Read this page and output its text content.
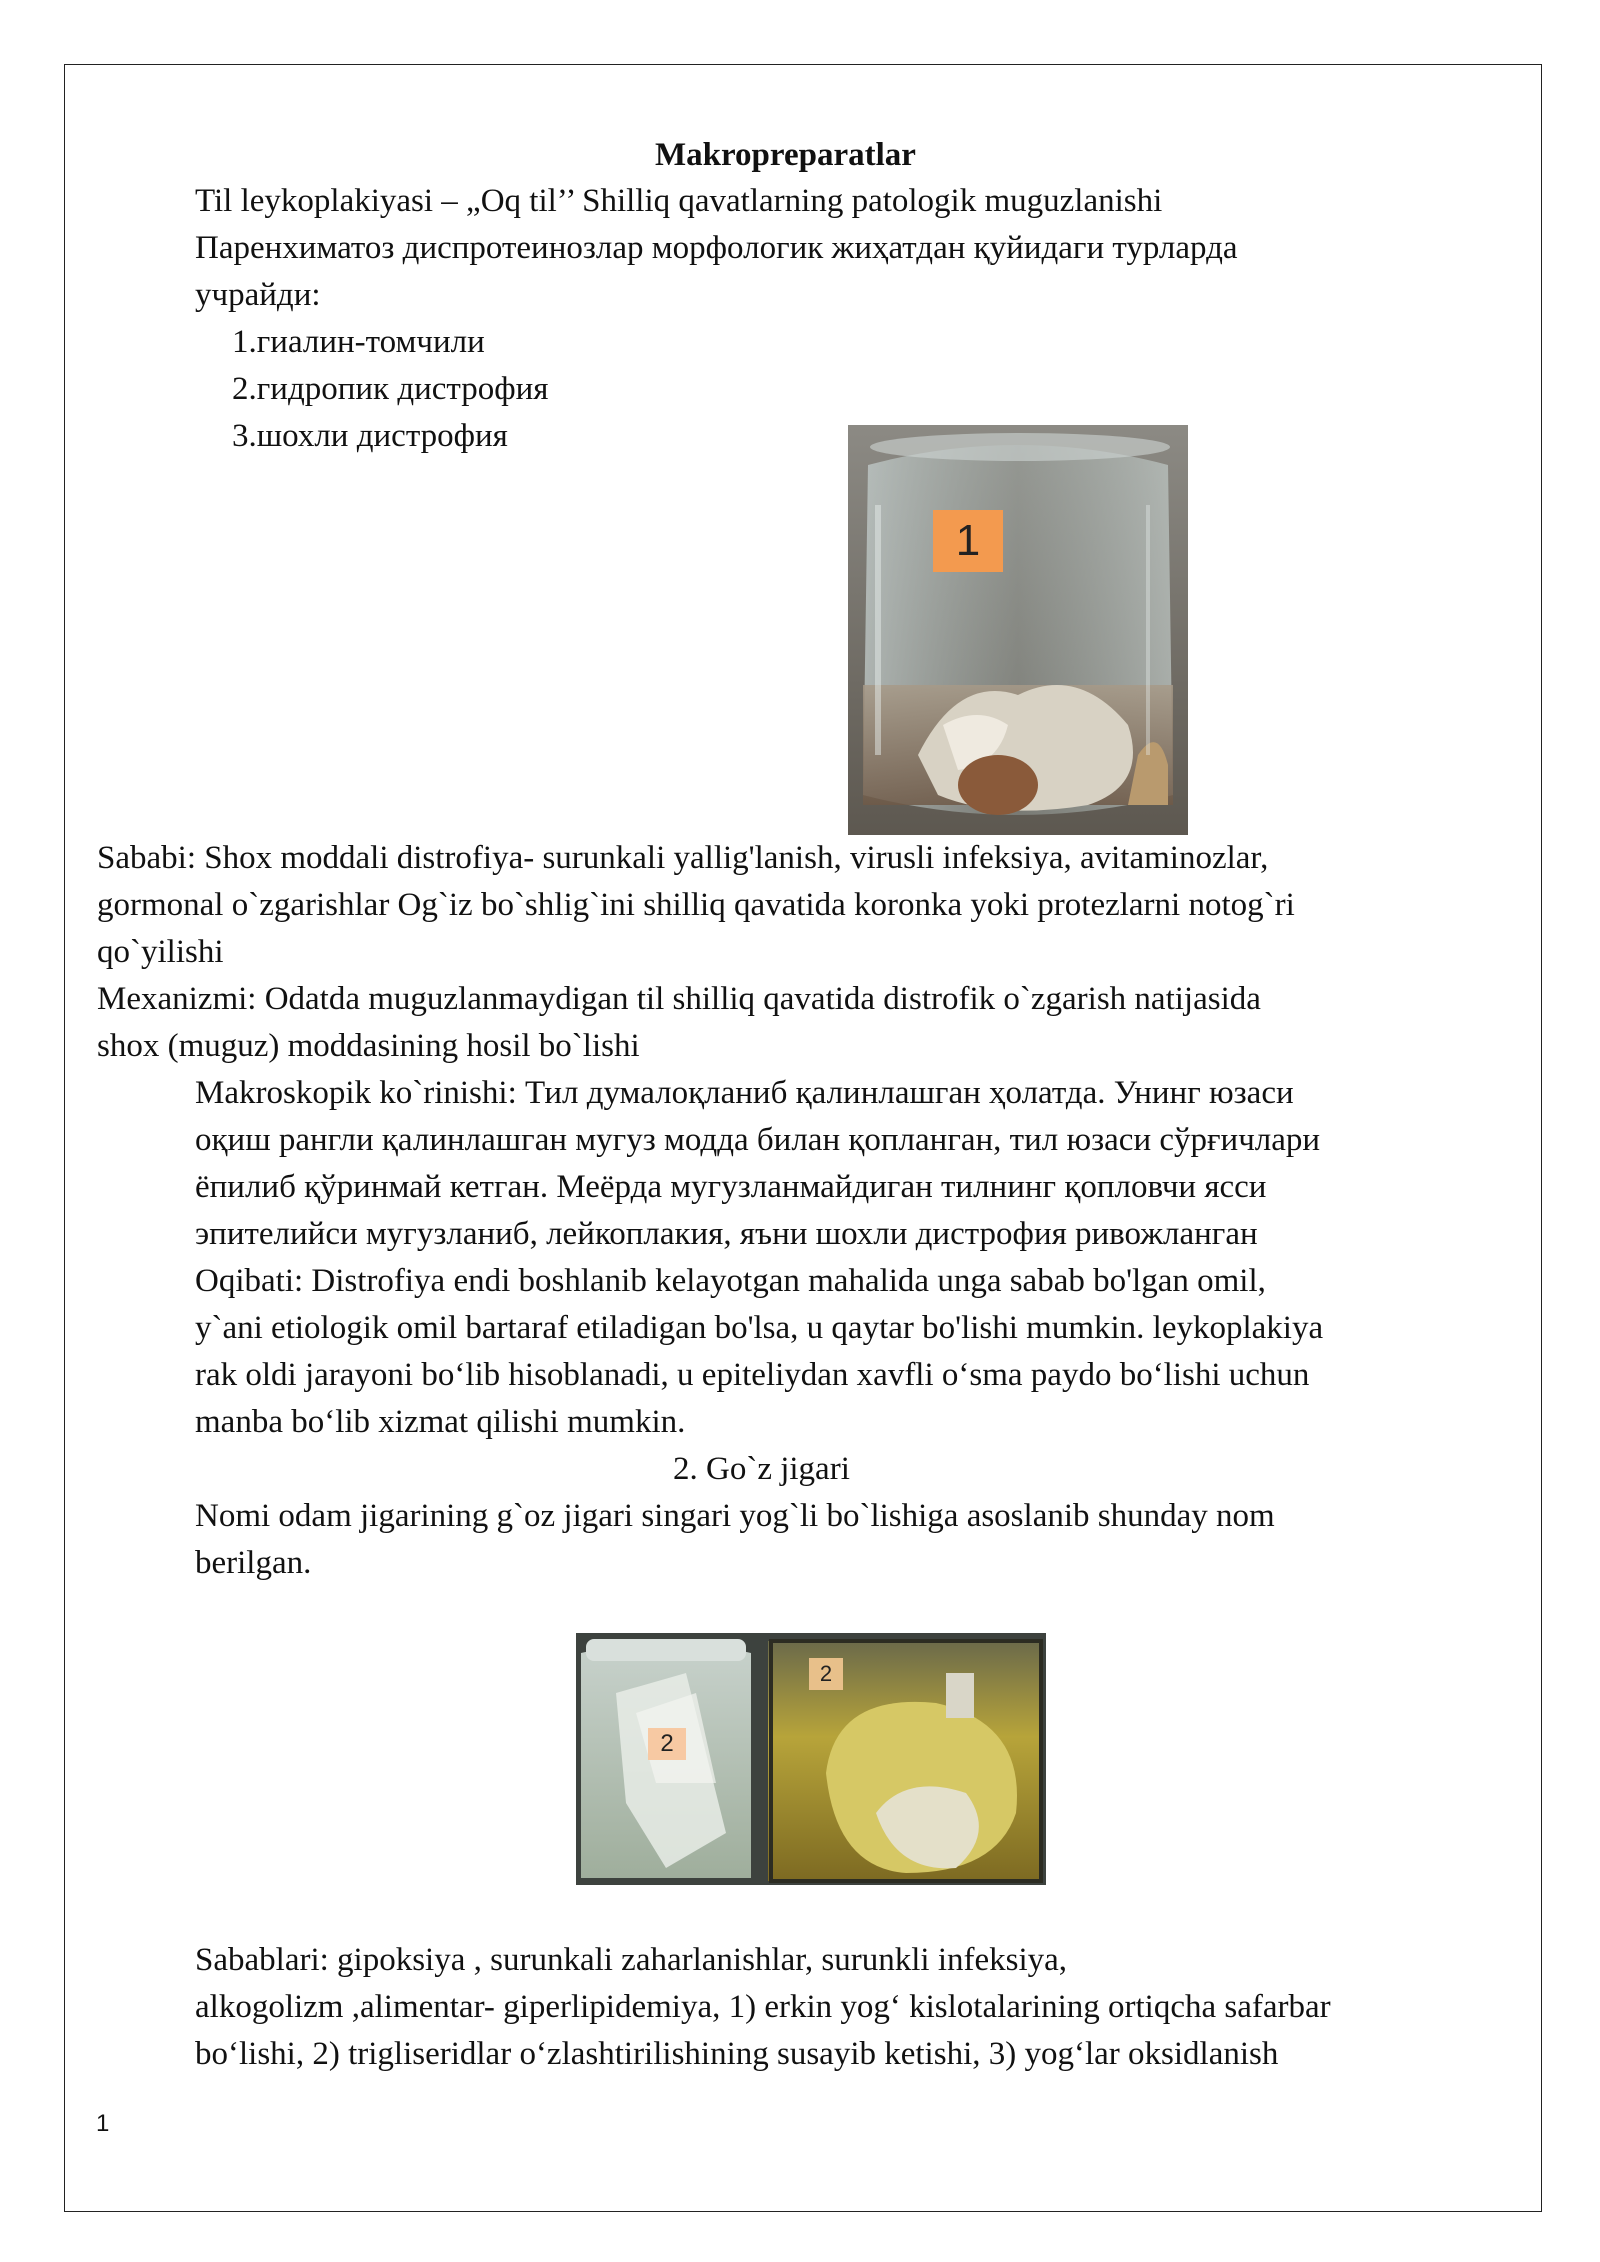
Makropreparatlar
Til leykoplakiyasi – „Oq til’’ Shilliq qavatlarning patologik muguzlanishi
Паренхиматоз диспротеинозлар морфологик жиҳатдан қуйидаги турларда
учрайди:
1.гиалин-томчили
2.гидропик дистрофия
3.шохли дистрофия
1
Sababi: Shox moddali distrofiya- surunkali yallig'lanish, virusli infeksiya, avitaminozlar,
gormonal o`zgarishlar Og`iz bo`shlig`ini shilliq qavatida koronka yoki protezlarni notog`ri
qo`yilishi
Mexanizmi: Odatda muguzlanmaydigan til shilliq qavatida distrofik o`zgarish natijasida
shox (muguz) moddasining hosil bo`lishi
Makroskopik ko`rinishi: Тил думалоқланиб қалинлашган ҳолатда. Унинг юзаси
оқиш рангли қалинлашган мугуз модда билан қопланган, тил юзаси сўрғичлари
ёпилиб қўринмай кетган. Меёрда мугузланмайдиган тилнинг қопловчи ясси
эпителийси мугузланиб, лейкоплакия, яъни шохли дистрофия ривожланган
Oqibati: Distrofiya endi boshlanib kelayotgan mahalida unga sabab bo'lgan omil,
y`ani etiologik omil bartaraf etiladigan bo'lsa, u qaytar bo'lishi mumkin. leykoplakiya
rak oldi jarayoni boʻlib hisoblanadi, u epiteliydan xavfli oʻsma paydo boʻlishi uchun
manba boʻlib xizmat qilishi mumkin.
2. Go`z jigari
Nomi odam jigarining g`oz jigari singari yog`li bo`lishiga asoslanib shunday nom
berilgan.
2
2
Sabablari: gipoksiya , surunkali zaharlanishlar, surunkli infeksiya,
alkogolizm ,alimentar- giperlipidemiya, 1) erkin yogʻ kislotalarining ortiqcha safarbar
boʻlishi, 2) trigliseridlar oʻzlashtirilishining susayib ketishi, 3) yogʻlar oksidlanish
1
